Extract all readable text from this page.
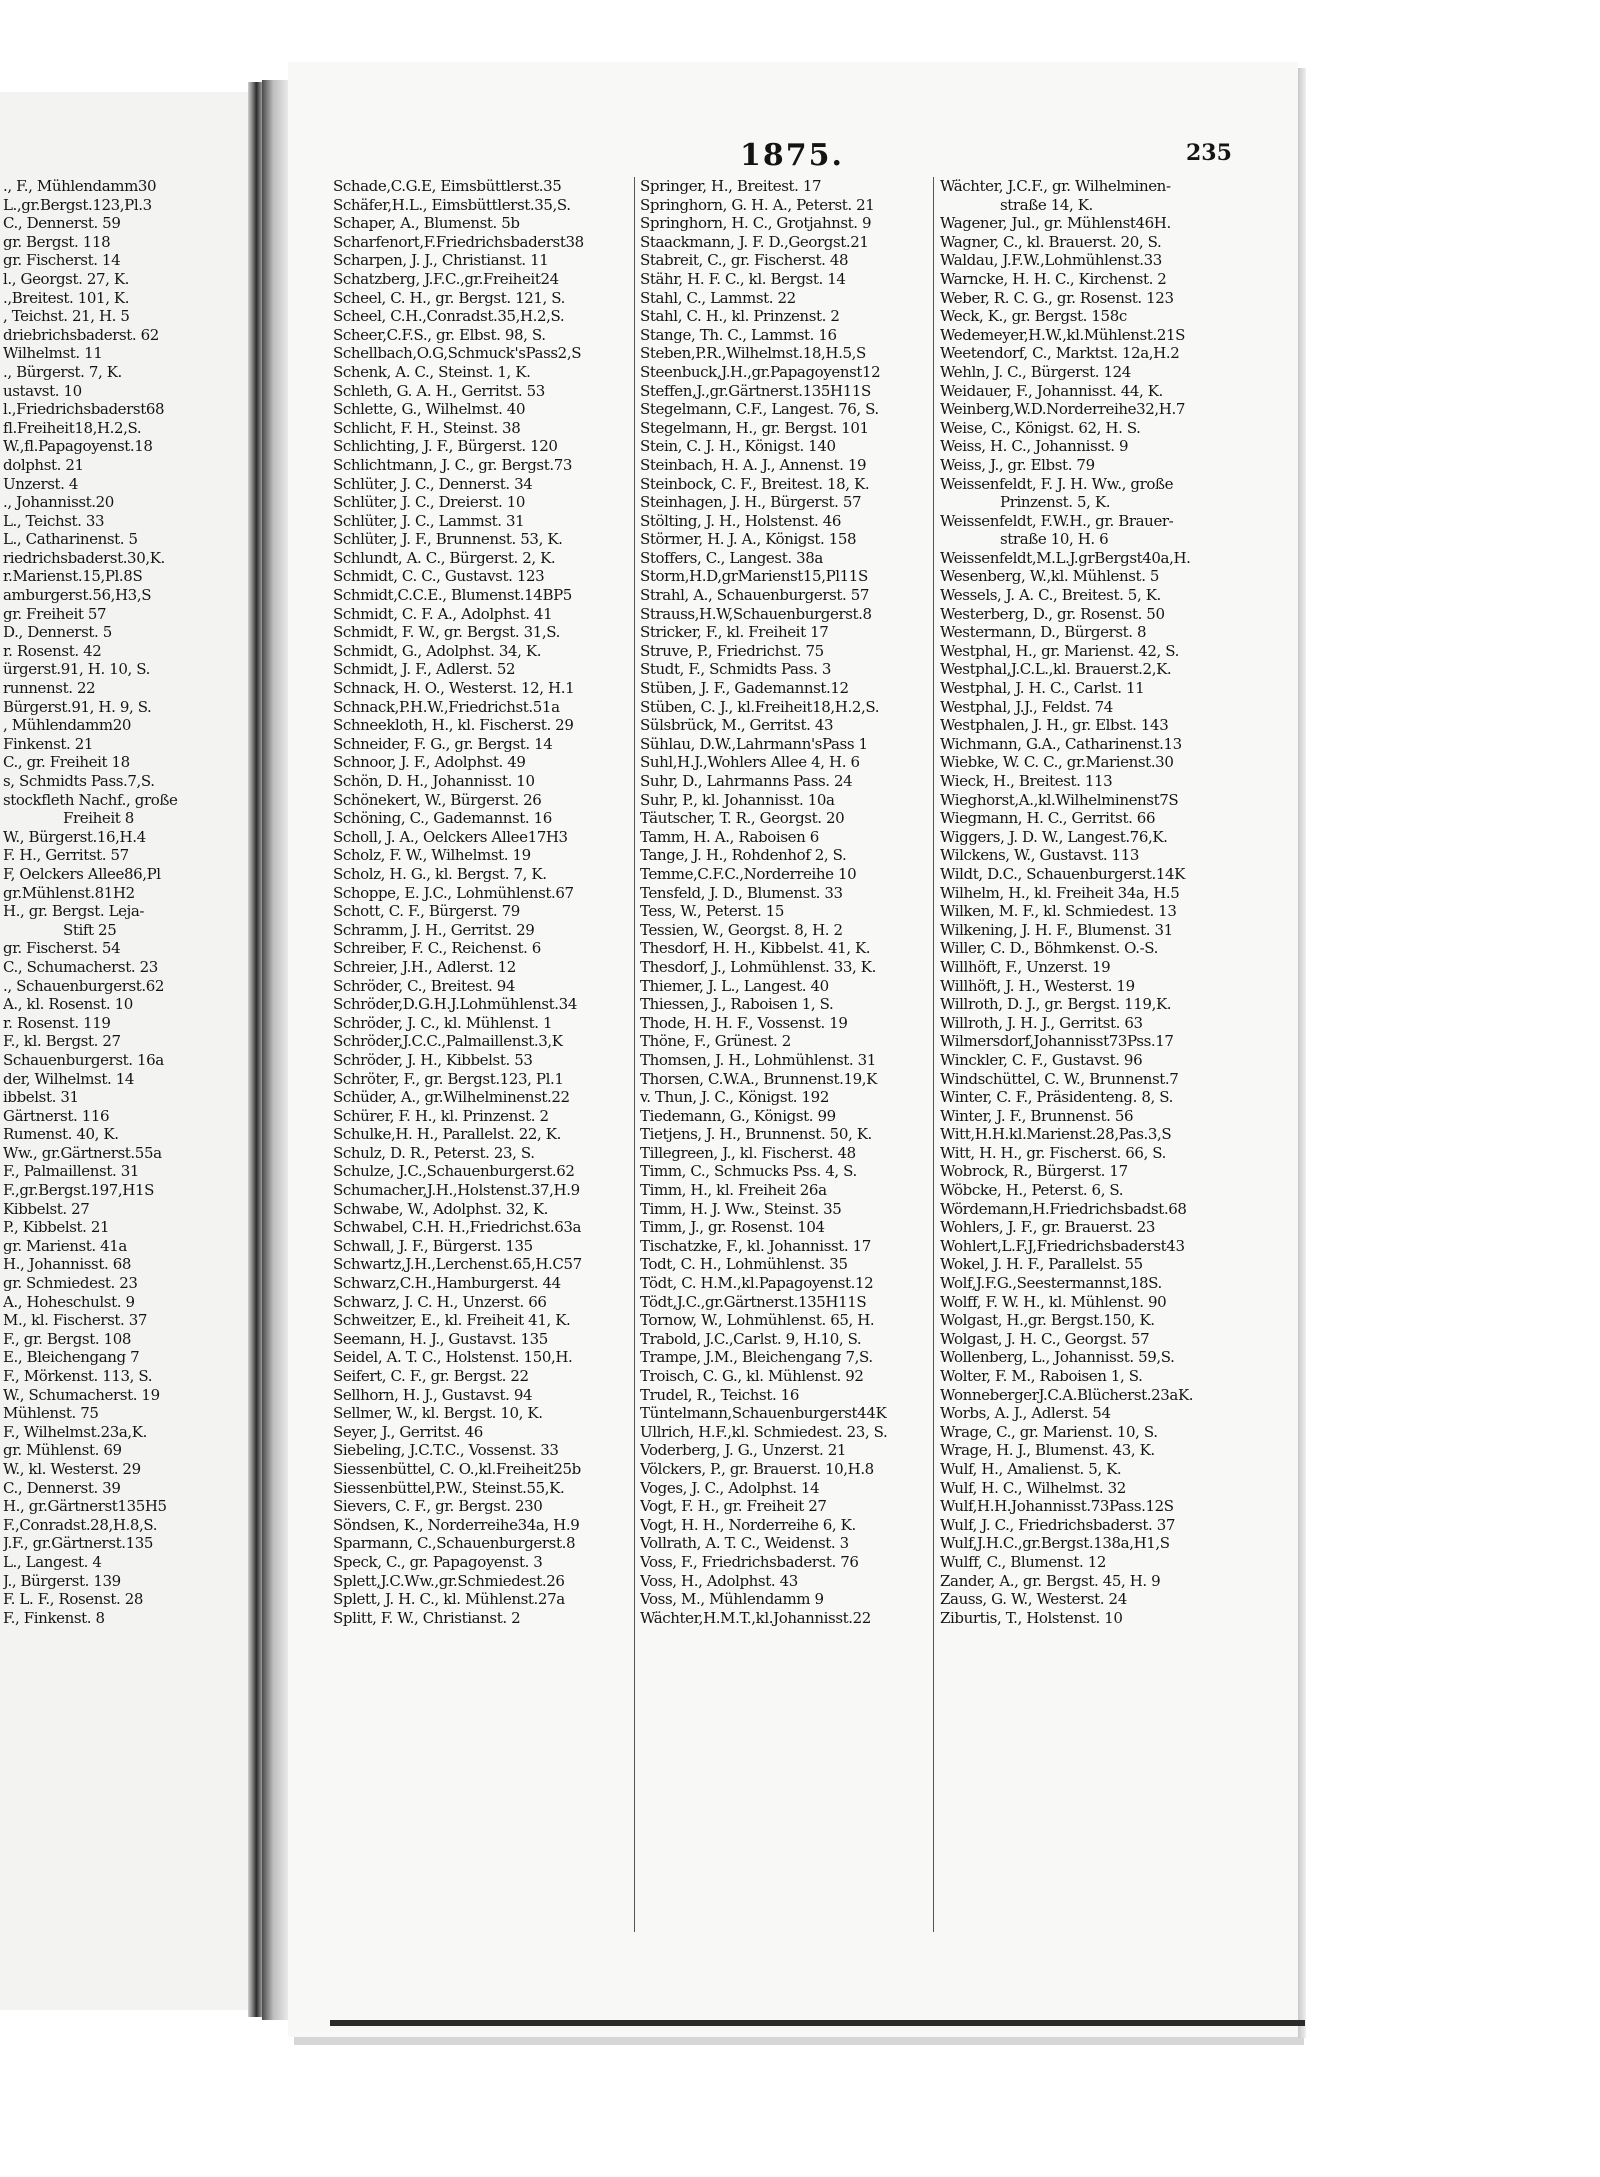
., F., Mühlendamm30
L.,gr.Bergst.123,Pl.3
C., Dennerst. 59
gr. Bergst. 118
gr. Fischerst. 14
l., Georgst. 27, K.
.,Breitest. 101, K.
, Teichst. 21, H. 5
driebrichsbaderst. 62
Wilhelmst. 11
., Bürgerst. 7, K.
ustavst. 10
l.,Friedrichsbaderst68
fl.Freiheit18,H.2,S.
W.,fl.Papagoyenst.18
dolphst. 21
Unzerst. 4
., Johannisst.20
L., Teichst. 33
L., Catharinenst. 5
riedrichsbaderst.30,K.
r.Marienst.15,Pl.8S
amburgerst.56,H3,S
gr. Freiheit 57
D., Dennerst. 5
r. Rosenst. 42
ürgerst.91, H. 10, S.
runnenst. 22
Bürgerst.91, H. 9, S.
, Mühlendamm20
Finkenst. 21
C., gr. Freiheit 18
s, Schmidts Pass.7,S.
stockfleth Nachf., große
Freiheit 8
W., Bürgerst.16,H.4
F. H., Gerritst. 57
F, Oelckers Allee86,Pl
gr.Mühlenst.81H2
H., gr. Bergst. Leja-
Stift 25
gr. Fischerst. 54
C., Schumacherst. 23
., Schauenburgerst.62
A., kl. Rosenst. 10
r. Rosenst. 119
F., kl. Bergst. 27
Schauenburgerst. 16a
der, Wilhelmst. 14
ibbelst. 31
Gärtnerst. 116
Rumenst. 40, K.
Ww., gr.Gärtnerst.55a
F., Palmaillenst. 31
F.,gr.Bergst.197,H1S
Kibbelst. 27
P., Kibbelst. 21
gr. Marienst. 41a
H., Johannisst. 68
gr. Schmiedest. 23
A., Hoheschulst. 9
M., kl. Fischerst. 37
F., gr. Bergst. 108
E., Bleichengang 7
F., Mörkenst. 113, S.
W., Schumacherst. 19
Mühlenst. 75
F., Wilhelmst.23a,K.
gr. Mühlenst. 69
W., kl. Westerst. 29
C., Dennerst. 39
H., gr.Gärtnerst135H5
F.,Conradst.28,H.8,S.
J.F., gr.Gärtnerst.135
L., Langest. 4
J., Bürgerst. 139
F. L. F., Rosenst. 28
F., Finkenst. 8
1875.	235
Schade,C.G.E, Eimsbüttlerst.35
Schäfer,H.L., Eimsbüttlerst.35,S.
Schaper, A., Blumenst. 5b
Scharfenort,F.Friedrichsbaderst38
Scharpen, J. J., Christianst. 11
Schatzberg, J.F.C.,gr.Freiheit24
Scheel, C. H., gr. Bergst. 121, S.
Scheel, C.H.,Conradst.35,H.2,S.
Scheer,C.F.S., gr. Elbst. 98, S.
Schellbach,O.G,Schmuck'sPass2,S
Schenk, A. C., Steinst. 1, K.
Schleth, G. A. H., Gerritst. 53
Schlette, G., Wilhelmst. 40
Schlicht, F. H., Steinst. 38
Schlichting, J. F., Bürgerst. 120
Schlichtmann, J. C., gr. Bergst.73
Schlüter, J. C., Dennerst. 34
Schlüter, J. C., Dreierst. 10
Schlüter, J. C., Lammst. 31
Schlüter, J. F., Brunnenst. 53, K.
Schlundt, A. C., Bürgerst. 2, K.
Schmidt, C. C., Gustavst. 123
Schmidt,C.C.E., Blumenst.14BP5
Schmidt, C. F. A., Adolphst. 41
Schmidt, F. W., gr. Bergst. 31,S.
Schmidt, G., Adolphst. 34, K.
Schmidt, J. F., Adlerst. 52
Schnack, H. O., Westerst. 12, H.1
Schnack,P.H.W.,Friedrichst.51a
Schneekloth, H., kl. Fischerst. 29
Schneider, F. G., gr. Bergst. 14
Schnoor, J. F., Adolphst. 49
Schön, D. H., Johannisst. 10
Schönekert, W., Bürgerst. 26
Schöning, C., Gademannst. 16
Scholl, J. A., Oelckers Allee17H3
Scholz, F. W., Wilhelmst. 19
Scholz, H. G., kl. Bergst. 7, K.
Schoppe, E. J.C., Lohmühlenst.67
Schott, C. F., Bürgerst. 79
Schramm, J. H., Gerritst. 29
Schreiber, F. C., Reichenst. 6
Schreier, J.H., Adlerst. 12
Schröder, C., Breitest. 94
Schröder,D.G.H.J.Lohmühlenst.34
Schröder, J. C., kl. Mühlenst. 1
Schröder,J.C.C.,Palmaillenst.3,K
Schröder, J. H., Kibbelst. 53
Schröter, F., gr. Bergst.123, Pl.1
Schüder, A., gr.Wilhelminenst.22
Schürer, F. H., kl. Prinzenst. 2
Schulke,H. H., Parallelst. 22, K.
Schulz, D. R., Peterst. 23, S.
Schulze, J.C.,Schauenburgerst.62
Schumacher,J.H.,Holstenst.37,H.9
Schwabe, W., Adolphst. 32, K.
Schwabel, C.H. H.,Friedrichst.63a
Schwall, J. F., Bürgerst. 135
Schwartz,J.H.,Lerchenst.65,H.C57
Schwarz,C.H.,Hamburgerst. 44
Schwarz, J. C. H., Unzerst. 66
Schweitzer, E., kl. Freiheit 41, K.
Seemann, H. J., Gustavst. 135
Seidel, A. T. C., Holstenst. 150,H.
Seifert, C. F., gr. Bergst. 22
Sellhorn, H. J., Gustavst. 94
Sellmer, W., kl. Bergst. 10, K.
Seyer, J., Gerritst. 46
Siebeling, J.C.T.C., Vossenst. 33
Siessenbüttel, C. O.,kl.Freiheit25b
Siessenbüttel,P.W., Steinst.55,K.
Sievers, C. F., gr. Bergst. 230
Söndsen, K., Norderreihe34a, H.9
Sparmann, C.,Schauenburgerst.8
Speck, C., gr. Papagoyenst. 3
Splett,J.C.Ww.,gr.Schmiedest.26
Splett, J. H. C., kl. Mühlenst.27a
Splitt, F. W., Christianst. 2
Springer, H., Breitest. 17
Springhorn, G. H. A., Peterst. 21
Springhorn, H. C., Grotjahnst. 9
Staackmann, J. F. D.,Georgst.21
Stabreit, C., gr. Fischerst. 48
Stähr, H. F. C., kl. Bergst. 14
Stahl, C., Lammst. 22
Stahl, C. H., kl. Prinzenst. 2
Stange, Th. C., Lammst. 16
Steben,P.R.,Wilhelmst.18,H.5,S
Steenbuck,J.H.,gr.Papagoyenst12
Steffen,J.,gr.Gärtnerst.135H11S
Stegelmann, C.F., Langest. 76, S.
Stegelmann, H., gr. Bergst. 101
Stein, C. J. H., Königst. 140
Steinbach, H. A. J., Annenst. 19
Steinbock, C. F., Breitest. 18, K.
Steinhagen, J. H., Bürgerst. 57
Stölting, J. H., Holstenst. 46
Störmer, H. J. A., Königst. 158
Stoffers, C., Langest. 38a
Storm,H.D,grMarienst15,Pl11S
Strahl, A., Schauenburgerst. 57
Strauss,H.W,Schauenburgerst.8
Stricker, F., kl. Freiheit 17
Struve, P., Friedrichst. 75
Studt, F., Schmidts Pass. 3
Stüben, J. F., Gademannst.12
Stüben, C. J., kl.Freiheit18,H.2,S.
Sülsbrück, M., Gerritst. 43
Sühlau, D.W.,Lahrmann'sPass 1
Suhl,H.J.,Wohlers Allee 4, H. 6
Suhr, D., Lahrmanns Pass. 24
Suhr, P., kl. Johannisst. 10a
Täutscher, T. R., Georgst. 20
Tamm, H. A., Raboisen 6
Tange, J. H., Rohdenhof 2, S.
Temme,C.F.C.,Norderreihe 10
Tensfeld, J. D., Blumenst. 33
Tess, W., Peterst. 15
Tessien, W., Georgst. 8, H. 2
Thesdorf, H. H., Kibbelst. 41, K.
Thesdorf, J., Lohmühlenst. 33, K.
Thiemer, J. L., Langest. 40
Thiessen, J., Raboisen 1, S.
Thode, H. H. F., Vossenst. 19
Thöne, F., Grünest. 2
Thomsen, J. H., Lohmühlenst. 31
Thorsen, C.W.A., Brunnenst.19,K
v. Thun, J. C., Königst. 192
Tiedemann, G., Königst. 99
Tietjens, J. H., Brunnenst. 50, K.
Tillegreen, J., kl. Fischerst. 48
Timm, C., Schmucks Pss. 4, S.
Timm, H., kl. Freiheit 26a
Timm, H. J. Ww., Steinst. 35
Timm, J., gr. Rosenst. 104
Tischatzke, F., kl. Johannisst. 17
Todt, C. H., Lohmühlenst. 35
Tödt, C. H.M.,kl.Papagoyenst.12
Tödt,J.C.,gr.Gärtnerst.135H11S
Tornow, W., Lohmühlenst. 65, H.
Trabold, J.C.,Carlst. 9, H.10, S.
Trampe, J.M., Bleichengang 7,S.
Troisch, C. G., kl. Mühlenst. 92
Trudel, R., Teichst. 16
Tüntelmann,Schauenburgerst44K
Ullrich, H.F.,kl. Schmiedest. 23, S.
Voderberg, J. G., Unzerst. 21
Völckers, P., gr. Brauerst. 10,H.8
Voges, J. C., Adolphst. 14
Vogt, F. H., gr. Freiheit 27
Vogt, H. H., Norderreihe 6, K.
Vollrath, A. T. C., Weidenst. 3
Voss, F., Friedrichsbaderst. 76
Voss, H., Adolphst. 43
Voss, M., Mühlendamm 9
Wächter,H.M.T.,kl.Johannisst.22
Wächter, J.C.F., gr. Wilhelminen-
straße 14, K.
Wagener, Jul., gr. Mühlenst46H.
Wagner, C., kl. Brauerst. 20, S.
Waldau, J.F.W.,Lohmühlenst.33
Warncke, H. H. C., Kirchenst. 2
Weber, R. C. G., gr. Rosenst. 123
Weck, K., gr. Bergst. 158c
Wedemeyer,H.W.,kl.Mühlenst.21S
Weetendorf, C., Marktst. 12a,H.2
Wehln, J. C., Bürgerst. 124
Weidauer, F., Johannisst. 44, K.
Weinberg,W.D.Norderreihe32,H.7
Weise, C., Königst. 62, H. S.
Weiss, H. C., Johannisst. 9
Weiss, J., gr. Elbst. 79
Weissenfeldt, F. J. H. Ww., große
Prinzenst. 5, K.
Weissenfeldt, F.W.H., gr. Brauer-
straße 10, H. 6
Weissenfeldt,M.L.J.grBergst40a,H.
Wesenberg, W.,kl. Mühlenst. 5
Wessels, J. A. C., Breitest. 5, K.
Westerberg, D., gr. Rosenst. 50
Westermann, D., Bürgerst. 8
Westphal, H., gr. Marienst. 42, S.
Westphal,J.C.L.,kl. Brauerst.2,K.
Westphal, J. H. C., Carlst. 11
Westphal, J.J., Feldst. 74
Westphalen, J. H., gr. Elbst. 143
Wichmann, G.A., Catharinenst.13
Wiebke, W. C. C., gr.Marienst.30
Wieck, H., Breitest. 113
Wieghorst,A.,kl.Wilhelminenst7S
Wiegmann, H. C., Gerritst. 66
Wiggers, J. D. W., Langest.76,K.
Wilckens, W., Gustavst. 113
Wildt, D.C., Schauenburgerst.14K
Wilhelm, H., kl. Freiheit 34a, H.5
Wilken, M. F., kl. Schmiedest. 13
Wilkening, J. H. F., Blumenst. 31
Willer, C. D., Böhmkenst. O.-S.
Willhöft, F., Unzerst. 19
Willhöft, J. H., Westerst. 19
Willroth, D. J., gr. Bergst. 119,K.
Willroth, J. H. J., Gerritst. 63
Wilmersdorf,Johannisst73Pss.17
Winckler, C. F., Gustavst. 96
Windschüttel, C. W., Brunnenst.7
Winter, C. F., Präsidenteng. 8, S.
Winter, J. F., Brunnenst. 56
Witt,H.H.kl.Marienst.28,Pas.3,S
Witt, H. H., gr. Fischerst. 66, S.
Wobrock, R., Bürgerst. 17
Wöbcke, H., Peterst. 6, S.
Wördemann,H.Friedrichsbadst.68
Wohlers, J. F., gr. Brauerst. 23
Wohlert,L.F.J,Friedrichsbaderst43
Wokel, J. H. F., Parallelst. 55
Wolf,J.F.G.,Seestermannst,18S.
Wolff, F. W. H., kl. Mühlenst. 90
Wolgast, H.,gr. Bergst.150, K.
Wolgast, J. H. C., Georgst. 57
Wollenberg, L., Johannisst. 59,S.
Wolter, F. M., Raboisen 1, S.
WonnebergerJ.C.A.Blücherst.23aK.
Worbs, A. J., Adlerst. 54
Wrage, C., gr. Marienst. 10, S.
Wrage, H. J., Blumenst. 43, K.
Wulf, H., Amalienst. 5, K.
Wulf, H. C., Wilhelmst. 32
Wulf,H.H.Johannisst.73Pass.12S
Wulf, J. C., Friedrichsbaderst. 37
Wulf,J.H.C.,gr.Bergst.138a,H1,S
Wulff, C., Blumenst. 12
Zander, A., gr. Bergst. 45, H. 9
Zauss, G. W., Westerst. 24
Ziburtis, T., Holstenst. 10
